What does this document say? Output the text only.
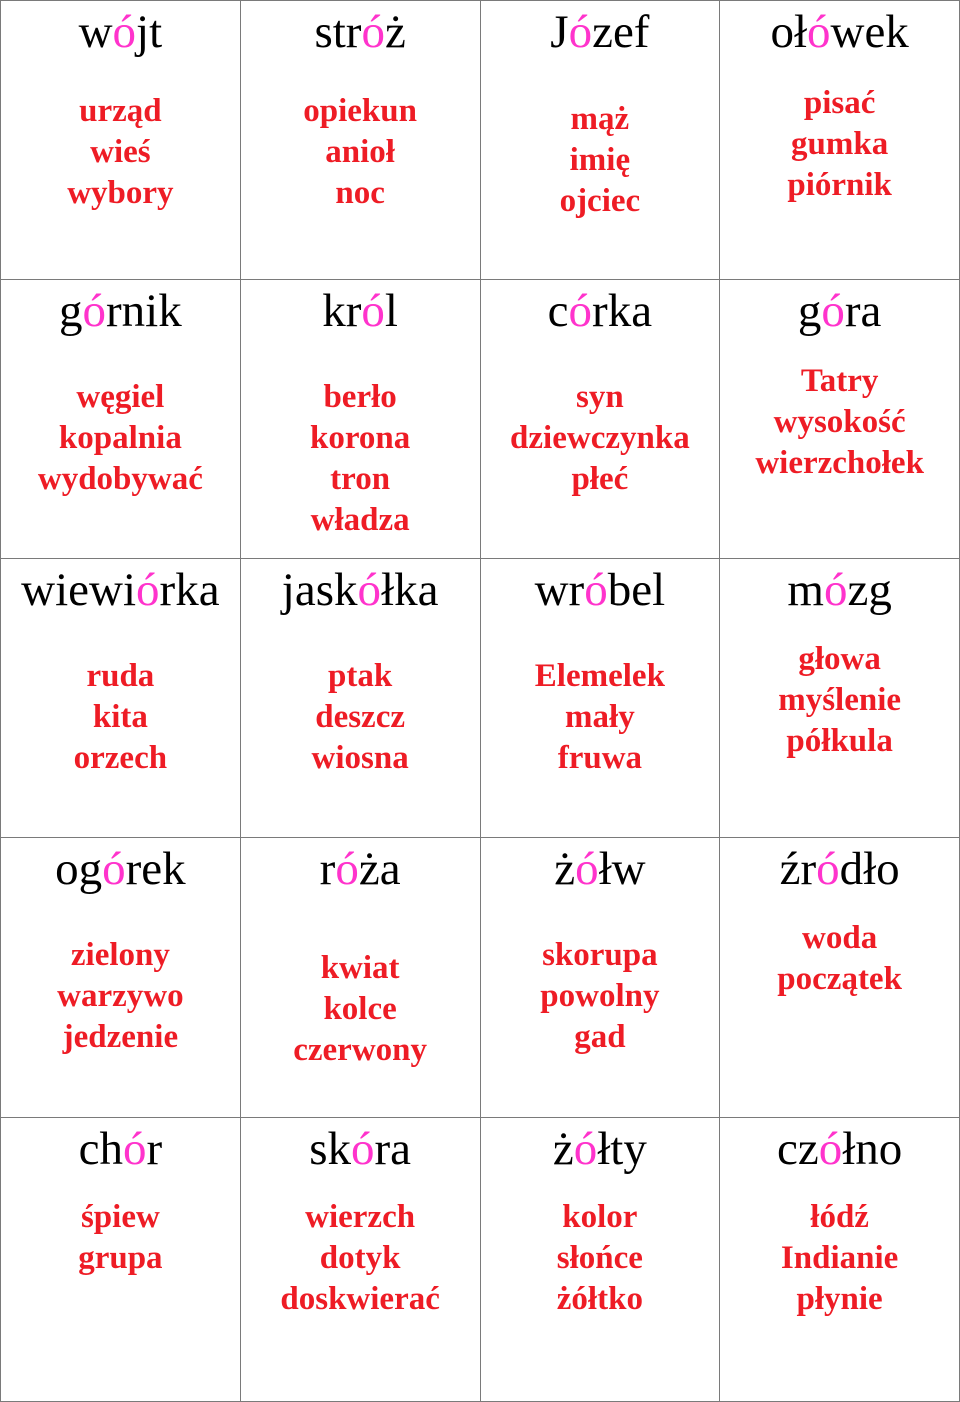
wójt
urząd
wieś
wybory
stróż
opiekun
anioł
noc
Józef
mąż
imię
ojciec
ołówek
pisać
gumka
piórnik
górnik
węgiel
kopalnia
wydobywać
król
berło
korona
tron
władza
córka
syn
dziewczynka
płeć
góra
Tatry
wysokość
wierzchołek
wiewiórka
ruda
kita
orzech
jaskółka
ptak
deszcz
wiosna
wróbel
Elemelek
mały
fruwa
mózg
głowa
myślenie
półkula
ogórek
zielony
warzywo
jedzenie
róża
kwiat
kolce
czerwony
żółw
skorupa
powolny
gad
źródło
woda
początek
chór
śpiew
grupa
skóra
wierzch
dotyk
doskwierać
żółty
kolor
słońce
żółtko
czółno
łódź
Indianie
płynie
